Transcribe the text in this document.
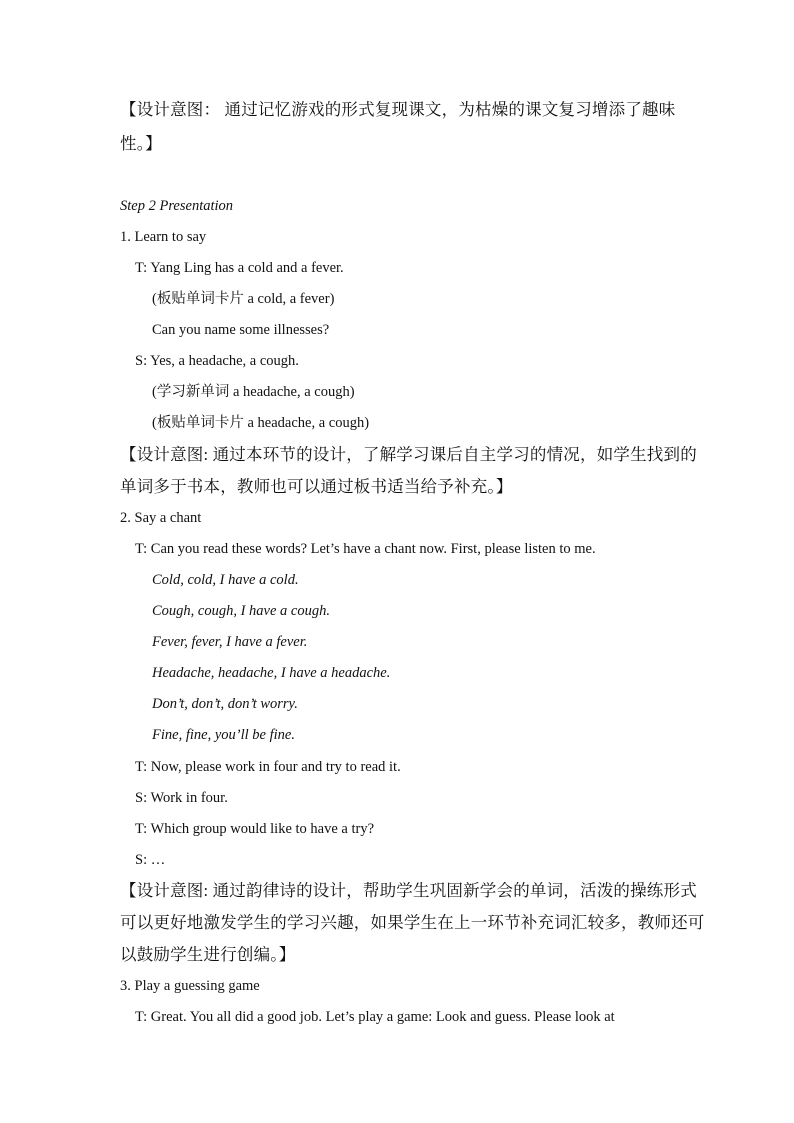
【设计意图： 通过记忆游戏的形式复现课文，为枯燥的课文复习增添了趣味
性。】
Step 2 Presentation
1. Learn to say
T: Yang Ling has a cold and a fever.
(板贴单词卡片 a cold, a fever)
Can you name some illnesses?
S: Yes, a headache, a cough.
(学习新单词 a headache, a cough)
(板贴单词卡片 a headache, a cough)
【设计意图: 通过本环节的设计，了解学习课后自主学习的情况，如学生找到的
单词多于书本，教师也可以通过板书适当给予补充。】
2. Say a chant
T: Can you read these words? Let’s have a chant now. First, please listen to me.
Cold, cold, I have a cold.
Cough, cough, I have a cough.
Fever, fever, I have a fever.
Headache, headache, I have a headache.
Don’t, don’t, don’t worry.
Fine, fine, you’ll be fine.
T: Now, please work in four and try to read it.
S: Work in four.
T: Which group would like to have a try?
S: …
【设计意图: 通过韵律诗的设计，帮助学生巩固新学会的单词，活泼的操练形式
可以更好地激发学生的学习兴趣，如果学生在上一环节补充词汇较多，教师还可
以鼓励学生进行创编。】
3. Play a guessing game
T: Great. You all did a good job. Let’s play a game: Look and guess. Please look at
